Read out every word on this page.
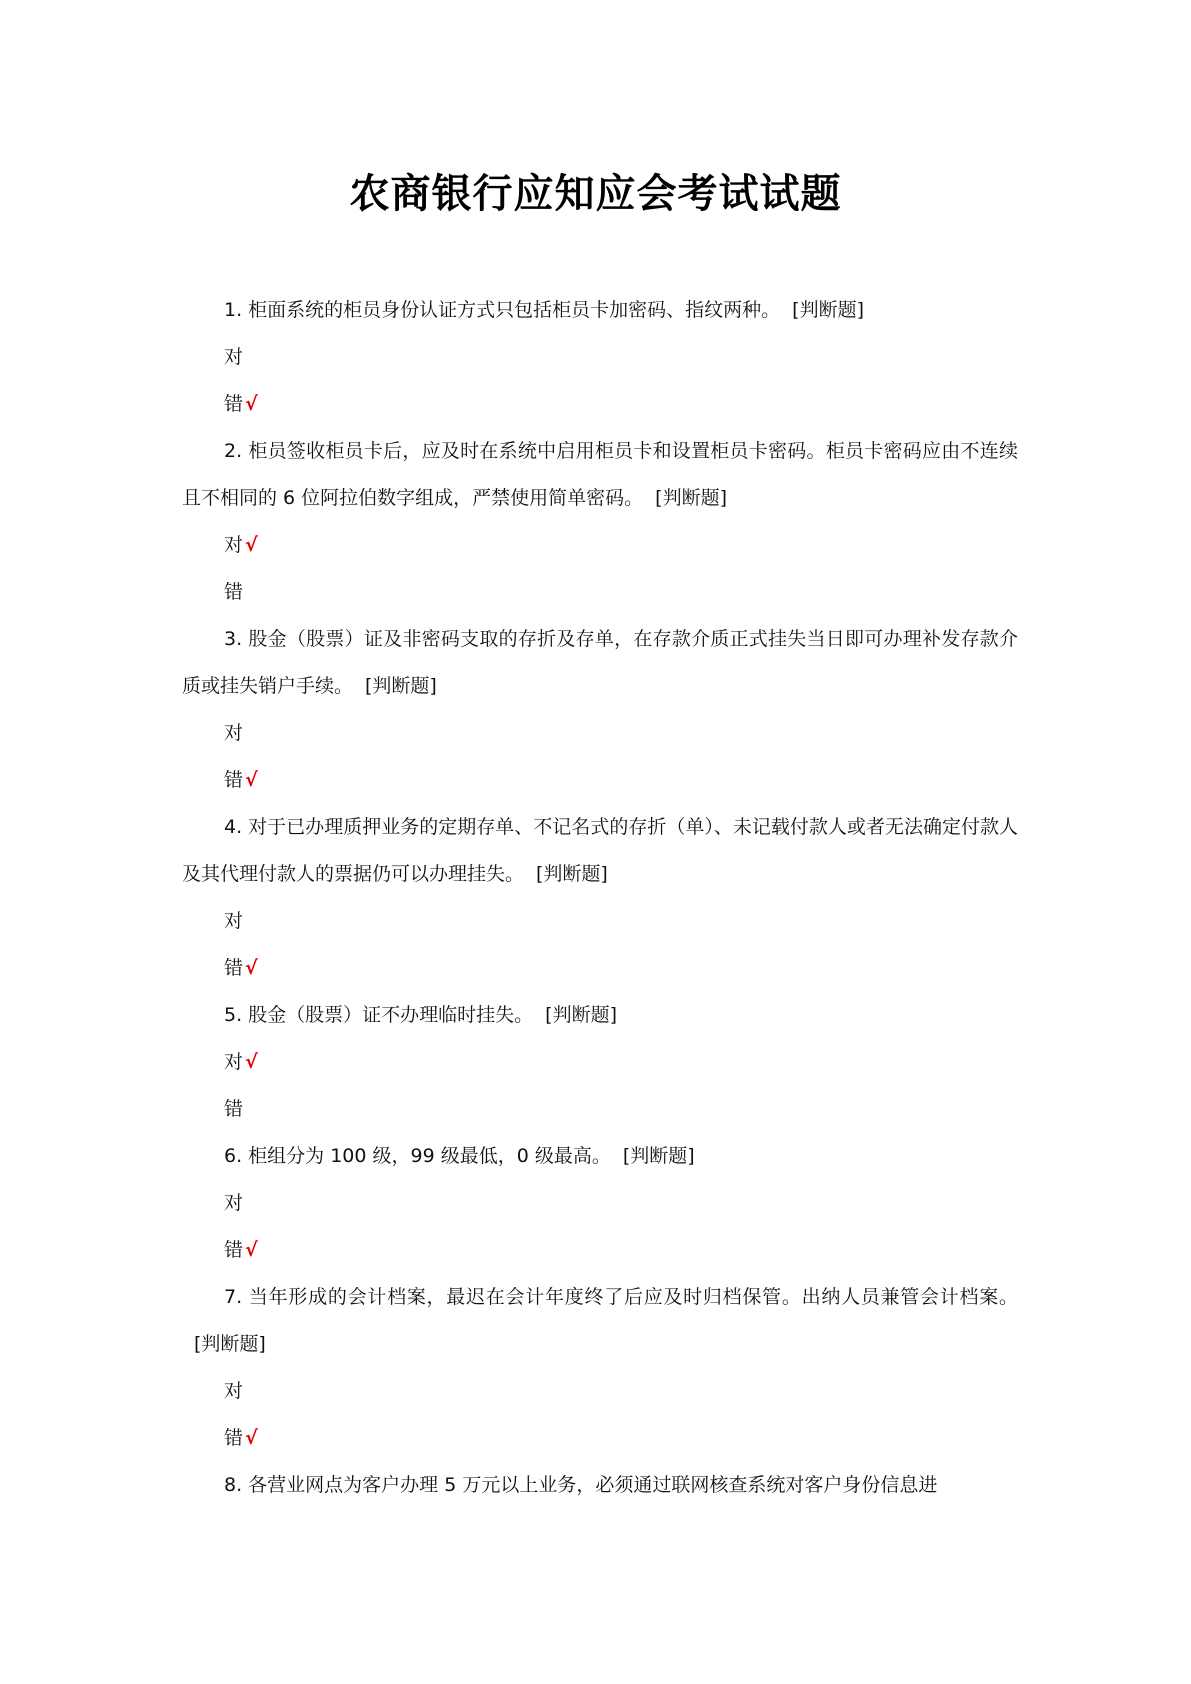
农商银行应知应会考试试题

1. 柜面系统的柜员身份认证方式只包括柜员卡加密码、指纹两种。 [判断题]

对

错 √

2. 柜员签收柜员卡后，应及时在系统中启用柜员卡和设置柜员卡密码。柜员卡密码应由不连续且不相同的 6 位阿拉伯数字组成，严禁使用简单密码。 [判断题]

对 √

错

3. 股金（股票）证及非密码支取的存折及存单，在存款介质正式挂失当日即可办理补发存款介质或挂失销户手续。 [判断题]

对

错 √

4. 对于已办理质押业务的定期存单、不记名式的存折（单）、未记载付款人或者无法确定付款人及其代理付款人的票据仍可以办理挂失。 [判断题]

对

错 √

5. 股金（股票）证不办理临时挂失。 [判断题]

对 √

错

6. 柜组分为 100 级，99 级最低，0 级最高。 [判断题]

对

错 √

7. 当年形成的会计档案，最迟在会计年度终了后应及时归档保管。出纳人员兼管会计档案。[判断题]

对

错 √

8. 各营业网点为客户办理 5 万元以上业务，必须通过联网核查系统对客户身份信息进
